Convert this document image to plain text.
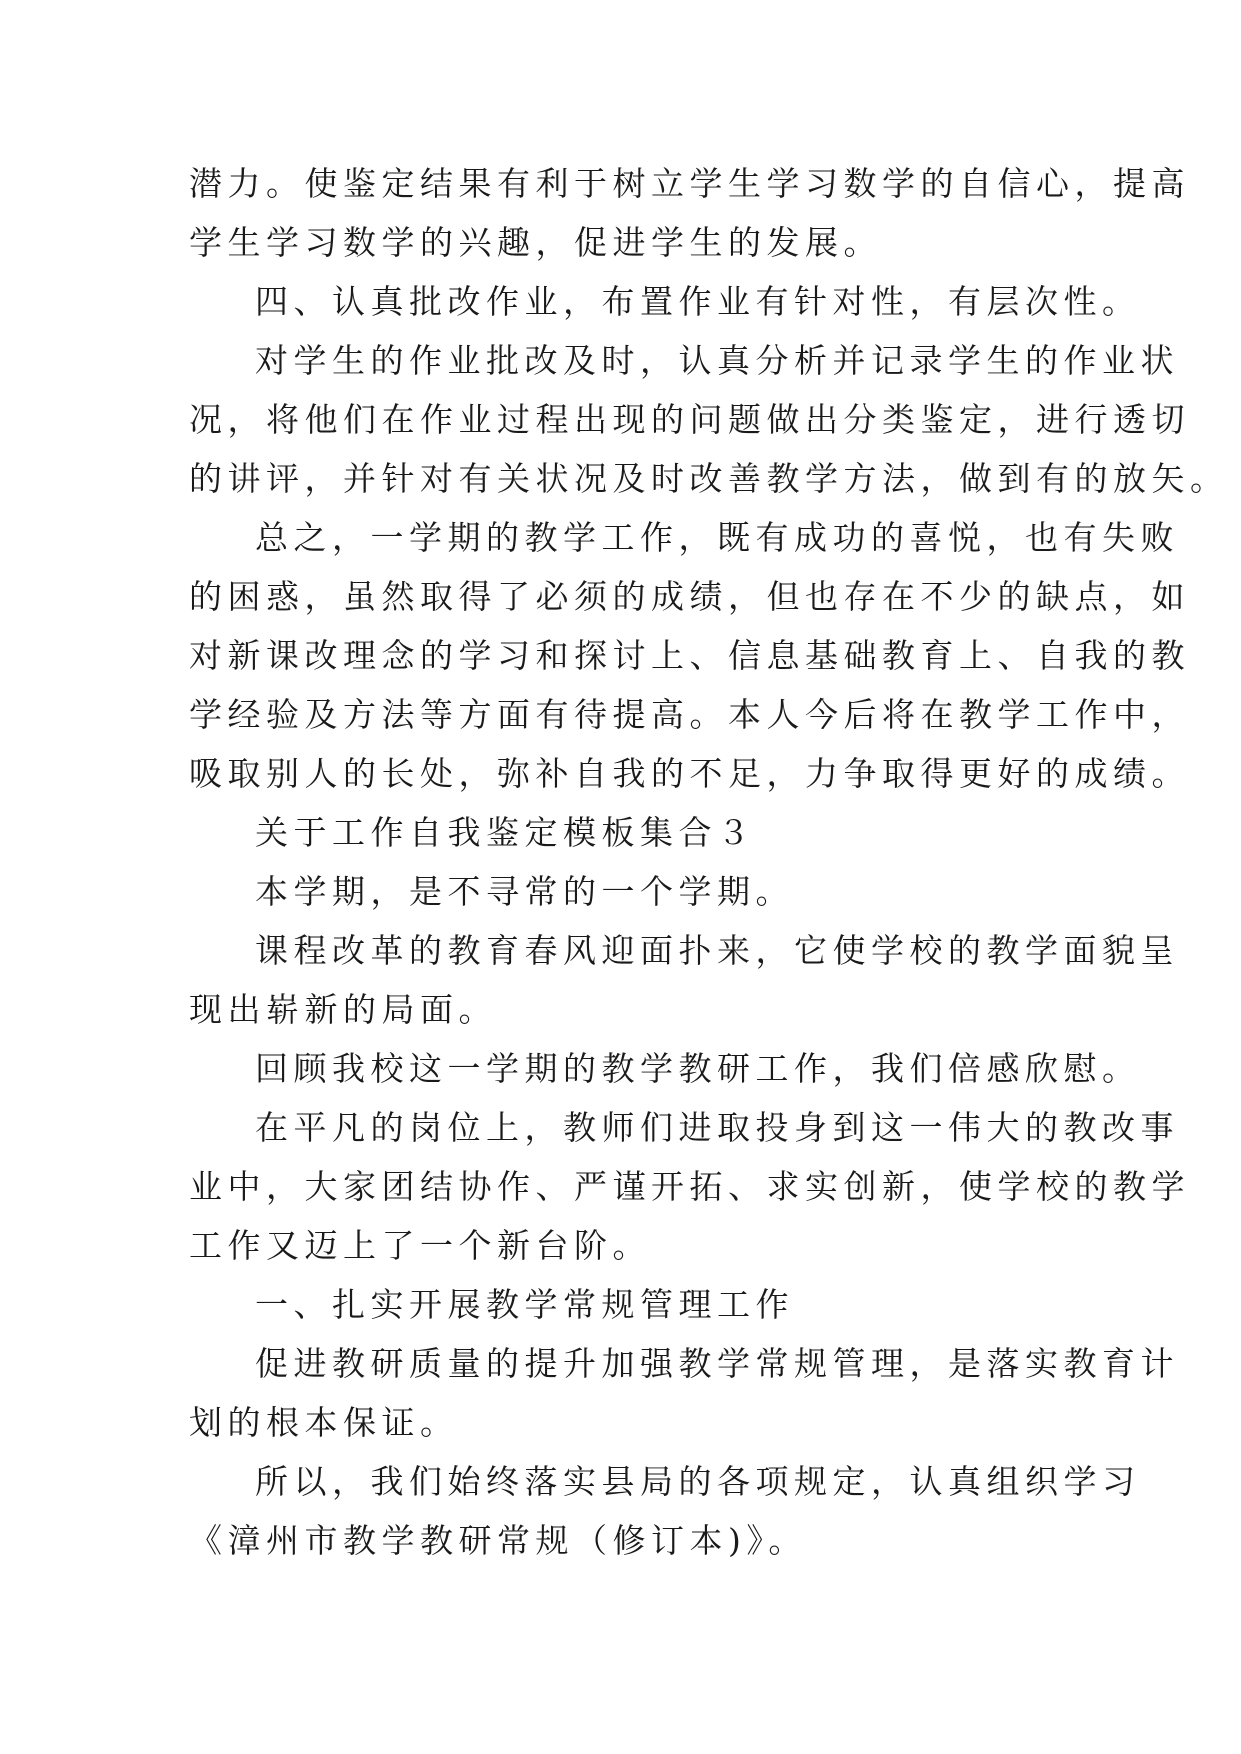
潜力。使鉴定结果有利于树立学生学习数学的自信心，提高
学生学习数学的兴趣，促进学生的发展。
四、认真批改作业，布置作业有针对性，有层次性。
对学生的作业批改及时，认真分析并记录学生的作业状
况，将他们在作业过程出现的问题做出分类鉴定，进行透切
的讲评，并针对有关状况及时改善教学方法，做到有的放矢。
总之，一学期的教学工作，既有成功的喜悦，也有失败
的困惑，虽然取得了必须的成绩，但也存在不少的缺点，如
对新课改理念的学习和探讨上、信息基础教育上、自我的教
学经验及方法等方面有待提高。本人今后将在教学工作中，
吸取别人的长处，弥补自我的不足，力争取得更好的成绩。
关于工作自我鉴定模板集合３
本学期，是不寻常的一个学期。
课程改革的教育春风迎面扑来，它使学校的教学面貌呈
现出崭新的局面。
回顾我校这一学期的教学教研工作，我们倍感欣慰。
在平凡的岗位上，教师们进取投身到这一伟大的教改事
业中，大家团结协作、严谨开拓、求实创新，使学校的教学
工作又迈上了一个新台阶。
一、扎实开展教学常规管理工作
促进教研质量的提升加强教学常规管理，是落实教育计
划的根本保证。
所以，我们始终落实县局的各项规定，认真组织学习
《漳州市教学教研常规（修订本)》。
